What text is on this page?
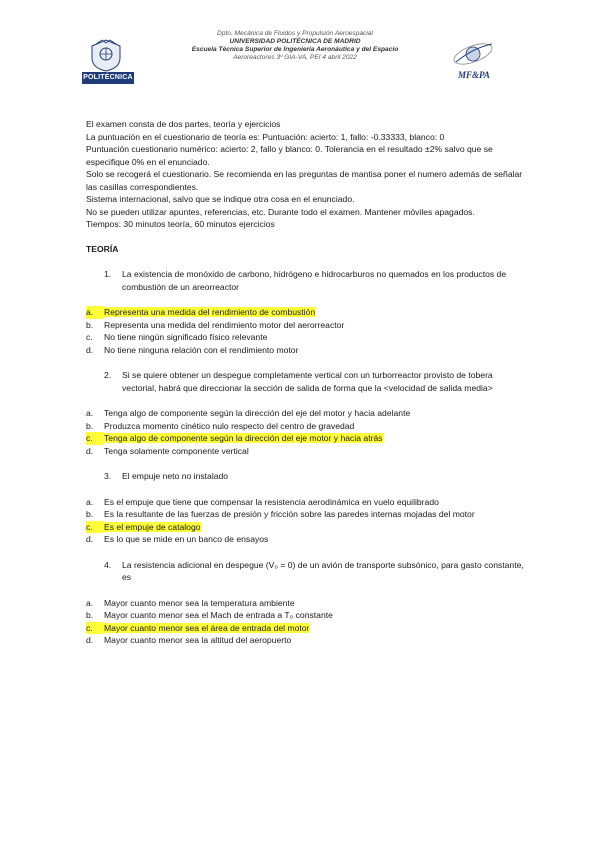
POLITÉCNICA
Dpto. Mecánica de Fluidos y Propulsión Aeroespacial
UNIVERSIDAD POLITÉCNICA DE MADRID
Escuela Técnica Superior de Ingeniería Aeronáutica y del Espacio
Aeroreactores 3º GIA-VA, PEI 4 abril 2022
MF&PA
El examen consta de dos partes, teoría y ejercicios
La puntuación en el cuestionario de teoría es: Puntuación: acierto: 1, fallo: -0.33333, blanco: 0
Puntuación cuestionario numérico: acierto: 2, fallo y blanco: 0. Tolerancia en el resultado ±2% salvo que se especifique 0% en el enunciado.
Solo se recogerá el cuestionario. Se recomienda en las preguntas de mantisa poner el numero además de señalar las casillas correspondientes.
Sistema internacional, salvo que se indique otra cosa en el enunciado.
No se pueden utilizar apuntes, referencias, etc. Durante todo el examen. Mantener móviles apagados.
Tiempos: 30 minutos teoría, 60 minutos ejercicios
TEORÍA
1.	La existencia de monóxido de carbono, hidrógeno e hidrocarburos no quemados en los productos de combustión de un areorreactor
a.	Representa una medida del rendimiento de combustión
b.	Representa una medida del rendimiento motor del aerorreactor
c.	No tiene ningún significado físico relevante
d.	No tiene ninguna relación con el rendimiento motor
2.	Si se quiere obtener un despegue completamente vertical con un turborreactor provisto de tobera vectorial, habrá que direccionar la sección de salida de forma que la <velocidad de salida media>
a.	Tenga algo de componente según la dirección del eje del motor y hacia adelante
b.	Produzca momento cinético nulo respecto del centro de gravedad
c.	Tenga algo de componente según la dirección del eje motor y hacia atrás
d.	Tenga solamente componente vertical
3.	El empuje neto no instalado
a.	Es el empuje que tiene que compensar la resistencia aerodinámica en vuelo equilibrado
b.	Es la resultante de las fuerzas de presión y fricción sobre las paredes internas mojadas del motor
c.	Es el empuje de catalogo
d.	Es lo que se mide en un banco de ensayos
4.	La resistencia adicional en despegue (V₀ = 0) de un avión de transporte subsónico, para gasto constante, es
a.	Mayor cuanto menor sea la temperatura ambiente
b.	Mayor cuanto menor sea el Mach de entrada a T₀ constante
c.	Mayor cuanto menor sea el área de entrada del motor
d.	Mayor cuanto menor sea la altitud del aeropuerto
